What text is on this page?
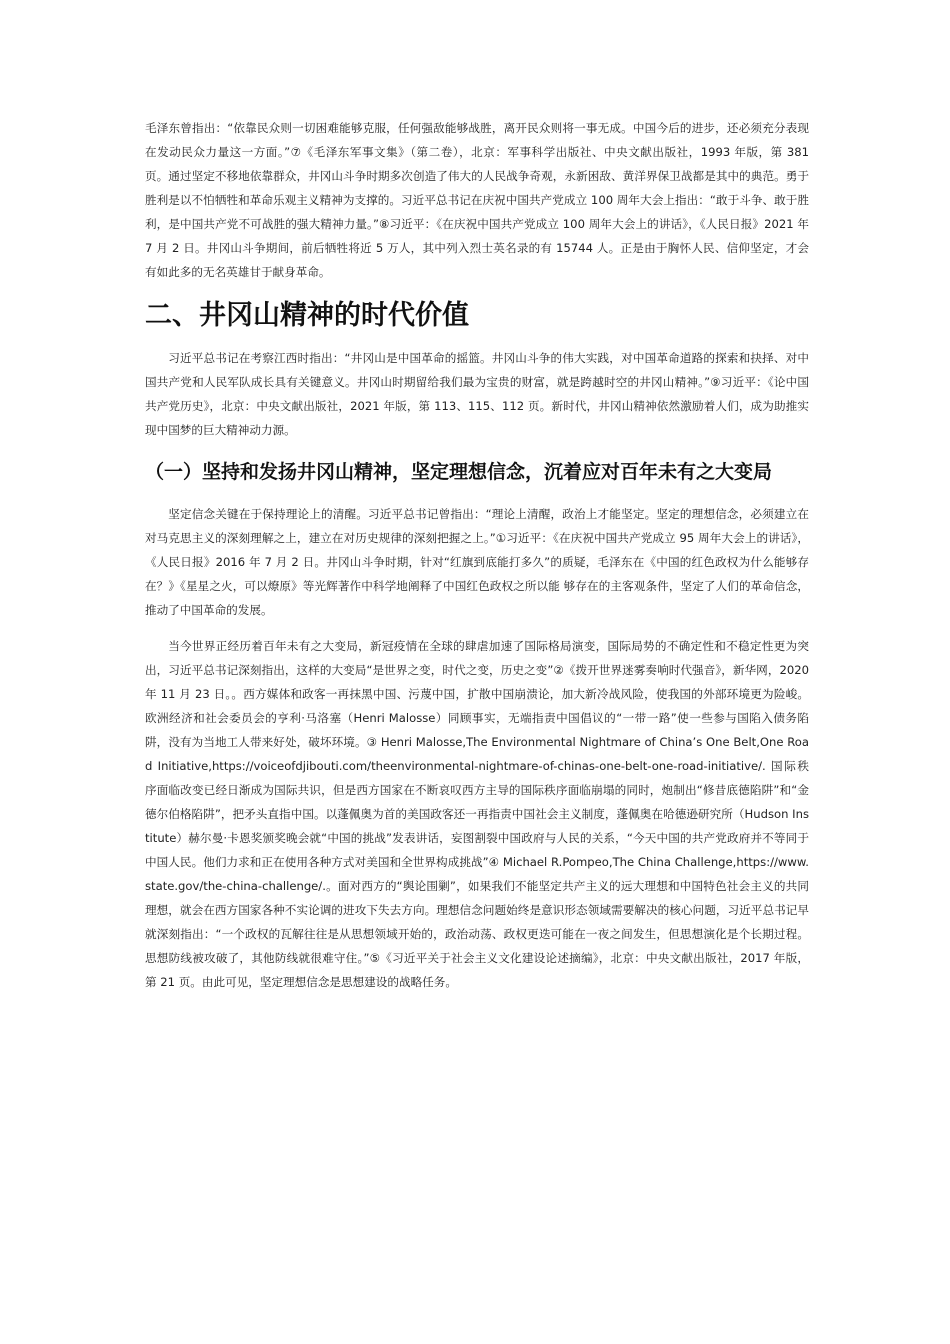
毛泽东曾指出：“依靠民众则一切困难能够克服，任何强敌能够战胜，离开民众则将一事无成。中国今后的进步，还必须充分表现在发动民众力量这一方面。”⑦《毛泽东军事文集》（第二卷），北京：军事科学出版社、中央文献出版社，1993 年版，第 381 页。通过坚定不移地依靠群众，井冈山斗争时期多次创造了伟大的人民战争奇观，永新困敌、黄洋界保卫战都是其中的典范。勇于胜利是以不怕牺牲和革命乐观主义精神为支撑的。习近平总书记在庆祝中国共产党成立 100 周年大会上指出：“敢于斗争、敢于胜利，是中国共产党不可战胜的强大精神力量。”⑧习近平：《在庆祝中国共产党成立 100 周年大会上的讲话》，《人民日报》2021 年 7 月 2 日。井冈山斗争期间，前后牺牲将近 5 万人，其中列入烈士英名录的有 15744 人。正是由于胸怀人民、信仰坚定，才会有如此多的无名英雄甘于献身革命。

二、井冈山精神的时代价值

习近平总书记在考察江西时指出：“井冈山是中国革命的摇篮。井冈山斗争的伟大实践，对中国革命道路的探索和抉择、对中国共产党和人民军队成长具有关键意义。井冈山时期留给我们最为宝贵的财富，就是跨越时空的井冈山精神。”⑨习近平：《论中国共产党历史》，北京：中央文献出版社，2021 年版，第 113、115、112 页。新时代，井冈山精神依然激励着人们，成为助推实现中国梦的巨大精神动力源。

（一）坚持和发扬井冈山精神，坚定理想信念，沉着应对百年未有之大变局

坚定信念关键在于保持理论上的清醒。习近平总书记曾指出：“理论上清醒，政治上才能坚定。坚定的理想信念，必须建立在对马克思主义的深刻理解之上，建立在对历史规律的深刻把握之上。”①习近平：《在庆祝中国共产党成立 95 周年大会上的讲话》，《人民日报》2016 年 7 月 2 日。井冈山斗争时期，针对“红旗到底能打多久”的质疑，毛泽东在《中国的红色政权为什么能够存在？》《星星之火，可以燎原》等光辉著作中科学地阐释了中国红色政权之所以能 够存在的主客观条件，坚定了人们的革命信念，推动了中国革命的发展。

当今世界正经历着百年未有之大变局，新冠疫情在全球的肆虐加速了国际格局演变，国际局势的不确定性和不稳定性更为突出，习近平总书记深刻指出，这样的大变局“是世界之变，时代之变，历史之变”②《拨开世界迷雾奏响时代强音》，新华网，2020 年 11 月 23 日。。西方媒体和政客一再抹黑中国、污蔑中国，扩散中国崩溃论，加大新冷战风险，使我国的外部环境更为险峻。欧洲经济和社会委员会的亨利·马洛塞（Henri Malosse）同顾事实，无端指责中国倡议的“一带一路”使一些参与国陷入债务陷阱，没有为当地工人带来好处，破坏环境。③ Henri Malosse,The Environmental Nightmare of China’s One Belt,One Road Initiative,https://voiceofdjibouti.com/theenvironmental-nightmare-of-chinas-one-belt-one-road-initiative/. 国际秩序面临改变已经日渐成为国际共识，但是西方国家在不断哀叹西方主导的国际秩序面临崩塌的同时，炮制出“修昔底德陷阱”和“金德尔伯格陷阱”，把矛头直指中国。以蓬佩奥为首的美国政客还一再指责中国社会主义制度，蓬佩奥在哈德逊研究所（Hudson Institute）赫尔曼·卡恩奖颁奖晚会就“中国的挑战”发表讲话，妄图割裂中国政府与人民的关系，“今天中国的共产党政府并不等同于中国人民。他们力求和正在使用各种方式对美国和全世界构成挑战”④ Michael R.Pompeo,The China Challenge,https://www.state.gov/the-china-challenge/.。面对西方的“舆论围剿”，如果我们不能坚定共产主义的远大理想和中国特色社会主义的共同理想，就会在西方国家各种不实论调的进攻下失去方向。理想信念问题始终是意识形态领域需要解决的核心问题，习近平总书记早就深刻指出：“一个政权的瓦解往往是从思想领域开始的，政治动荡、政权更迭可能在一夜之间发生，但思想演化是个长期过程。思想防线被攻破了，其他防线就很难守住。”⑤《习近平关于社会主义文化建设论述摘编》，北京：中央文献出版社，2017 年版，第 21 页。由此可见，坚定理想信念是思想建设的战略任务。
